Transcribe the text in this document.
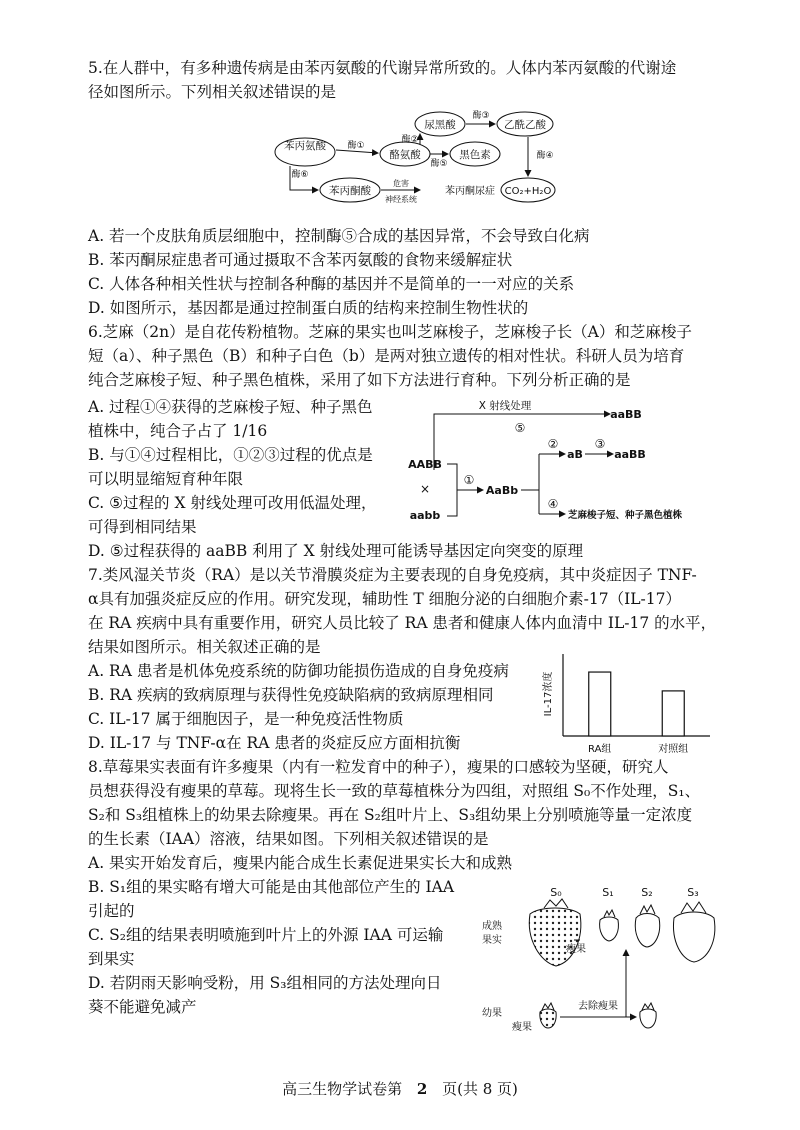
5.在人群中，有多种遗传病是由苯丙氨酸的代谢异常所致的。人体内苯丙氨酸的代谢途
径如图所示。下列相关叙述错误的是
苯丙氨酸
酪氨酸
尿黑酸	乙酰乙酸
黑色素
苯丙酮酸	CO₂+H₂O
苯丙酮尿症
酶①
酶②
酶③
酶④
酶⑤
酶⑥
危害
神经系统
A. 若一个皮肤角质层细胞中，控制酶⑤合成的基因异常，不会导致白化病
B. 苯丙酮尿症患者可通过摄取不含苯丙氨酸的食物来缓解症状
C. 人体各种相关性状与控制各种酶的基因并不是简单的一一对应的关系
D. 如图所示，基因都是通过控制蛋白质的结构来控制生物性状的
6.芝麻（2n）是自花传粉植物。芝麻的果实也叫芝麻梭子，芝麻梭子长（A）和芝麻梭子
短（a）、种子黑色（B）和种子白色（b）是两对独立遗传的相对性状。科研人员为培育
纯合芝麻梭子短、种子黑色植株，采用了如下方法进行育种。下列分析正确的是
A. 过程①④获得的芝麻梭子短、种子黑色
植株中，纯合子占了 1/16
B. 与①④过程相比，①②③过程的优点是
可以明显缩短育种年限
C. ⑤过程的 X 射线处理可改用低温处理，
可得到相同结果
D. ⑤过程获得的 aaBB 利用了 X 射线处理可能诱导基因定向突变的原理
X 射线处理
aaBB
⑤
AABB
×
aabb
①
AaBb
②
aB
③
aaBB
④
芝麻梭子短、种子黑色植株
7.类风湿关节炎（RA）是以关节滑膜炎症为主要表现的自身免疫病，其中炎症因子 TNF-
α具有加强炎症反应的作用。研究发现，辅助性 T 细胞分泌的白细胞介素-17（IL-17）
在 RA 疾病中具有重要作用，研究人员比较了 RA 患者和健康人体内血清中 IL-17 的水平，
结果如图所示。相关叙述正确的是
A. RA 患者是机体免疫系统的防御功能损伤造成的自身免疫病
B. RA 疾病的致病原理与获得性免疫缺陷病的致病原理相同
C. IL-17 属于细胞因子，是一种免疫活性物质
D. IL-17 与 TNF-α在 RA 患者的炎症反应方面相抗衡
IL-17浓度
RA组	对照组
8.草莓果实表面有许多瘦果（内有一粒发育中的种子），瘦果的口感较为坚硬，研究人
员想获得没有瘦果的草莓。现将生长一致的草莓植株分为四组，对照组 S₀不作处理，S₁、
S₂和 S₃组植株上的幼果去除瘦果。再在 S₂组叶片上、S₃组幼果上分别喷施等量一定浓度
的生长素（IAA）溶液，结果如图。下列相关叙述错误的是
A. 果实开始发育后，瘦果内能合成生长素促进果实长大和成熟
B. S₁组的果实略有增大可能是由其他部位产生的 IAA
引起的
C. S₂组的结果表明喷施到叶片上的外源 IAA 可运输
到果实
D. 若阴雨天影响受粉，用 S₃组相同的方法处理向日
葵不能避免减产
S₀	S₁	S₂	S₃
成熟
果实
瘦果
幼果
瘦果
去除瘦果
高三生物学试卷第 2 页(共 8 页)
